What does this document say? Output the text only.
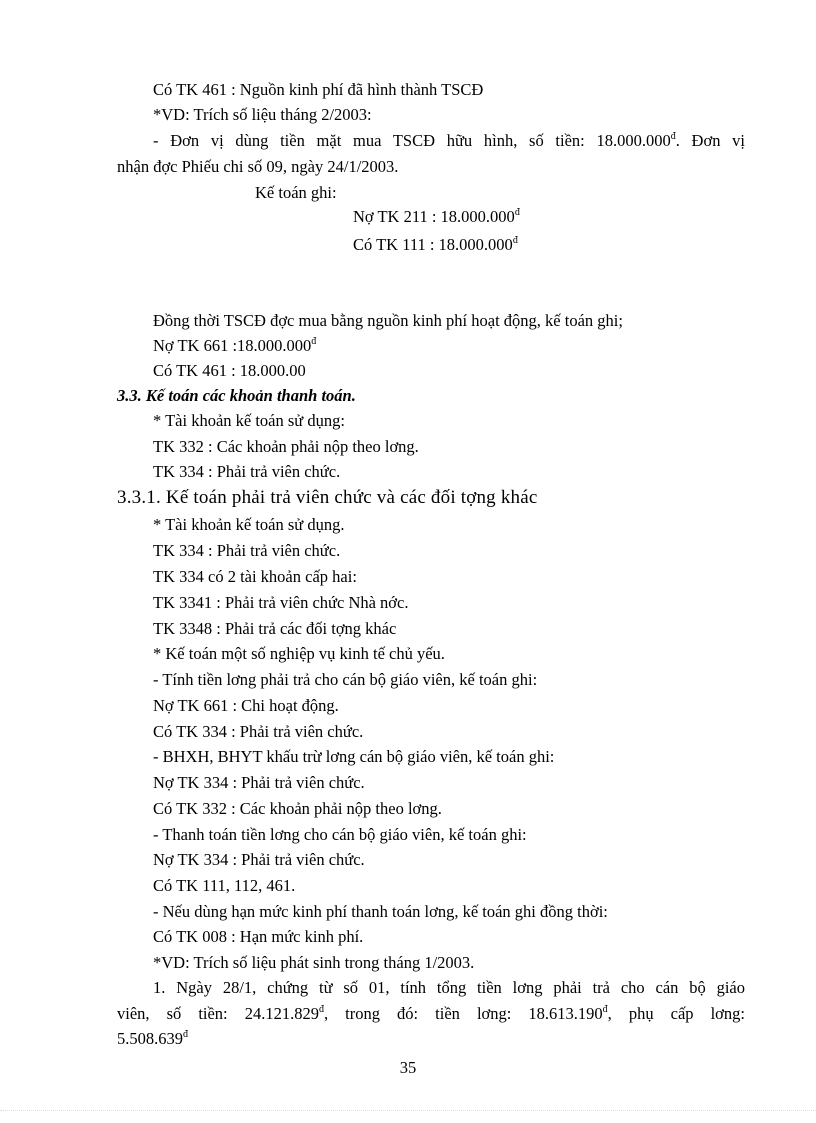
Có TK 461 : Nguồn kinh phí đã hình thành TSCĐ
*VD: Trích số liệu tháng 2/2003:
- Đơn vị dùng tiền mặt mua TSCĐ hữu hình, số tiền: $18.000.000^đ$. Đơn vị
nhận đợc Phiếu chi số 09, ngày 24/1/2003.
Kế toán ghi:
Nợ TK 211 : $18.000.000^đ$
Có TK 111 : $18.000.000^đ$
Đồng thời TSCĐ đợc mua bằng nguồn kinh phí hoạt động, kế toán ghi;
Nợ TK 661 $:18.000.000^đ$
Có TK 461 : 18.000.00
3.3. Kế toán các khoản thanh toán.
* Tài khoản kế toán sử dụng:
TK 332 : Các khoản phải nộp theo lơng.
TK 334 : Phải trả viên chức.
3.3.1. Kế toán phải trả viên chức và các đối tợng khác
* Tài khoản kế toán sử dụng.
TK 334 : Phải trả viên chức.
TK 334 có 2 tài khoản cấp hai:
TK 3341 : Phải trả viên chức Nhà nớc.
TK 3348 : Phải trả các đối tợng khác
* Kế toán một số nghiệp vụ kinh tế chủ yếu.
- Tính tiền lơng phải trả cho cán bộ giáo viên, kế toán ghi:
Nợ TK 661 : Chi hoạt động.
Có TK 334 : Phải trả viên chức.
- BHXH, BHYT khấu trừ lơng cán bộ giáo viên, kế toán ghi:
Nợ TK 334 : Phải trả viên chức.
Có TK 332 : Các khoản phải nộp theo lơng.
- Thanh toán tiền lơng cho cán bộ giáo viên, kế toán ghi:
Nợ TK 334 : Phải trả viên chức.
Có TK 111, 112, 461.
- Nếu dùng hạn mức kinh phí thanh toán lơng, kế toán ghi đồng thời:
Có TK 008 : Hạn mức kinh phí.
*VD: Trích số liệu phát sinh trong tháng 1/2003.
1. Ngày 28/1, chứng từ số 01, tính tổng tiền lơng phải trả cho cán bộ giáo
viên, số tiền: $24.121.829^đ$, trong đó: tiền lơng: $18.613.190^đ$, phụ cấp lơng:
$5.508.639^đ$
35
